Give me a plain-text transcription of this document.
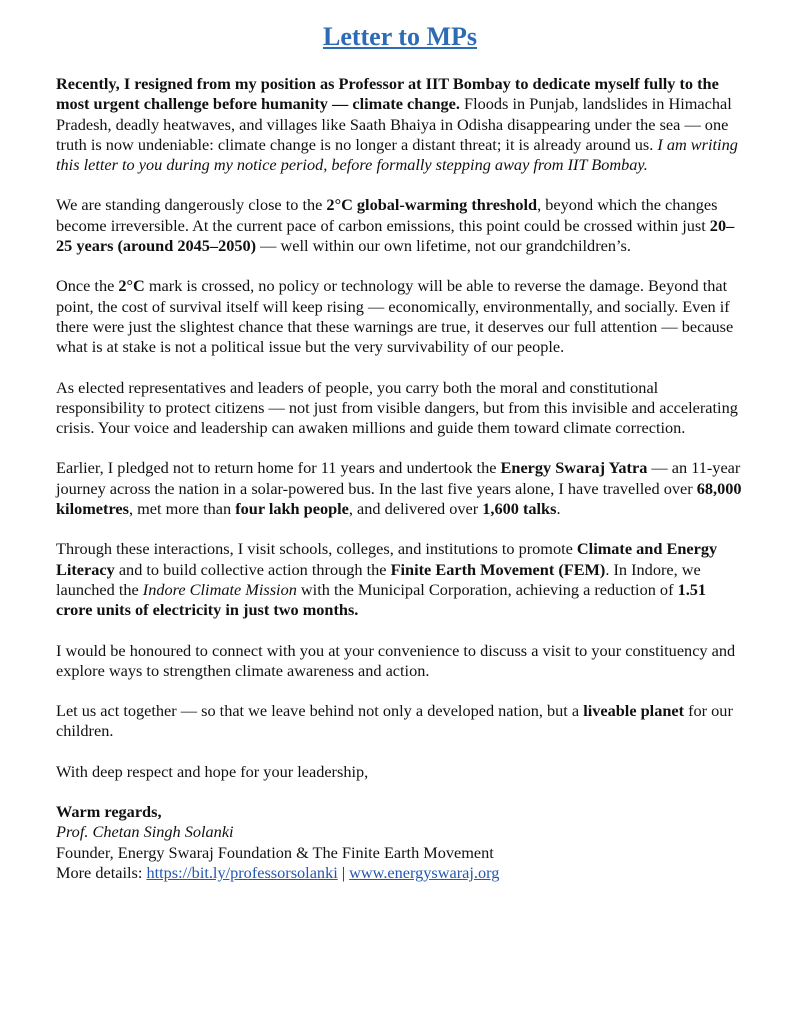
Letter to MPs

Recently, I resigned from my position as Professor at IIT Bombay to dedicate myself fully to the most urgent challenge before humanity — climate change. Floods in Punjab, landslides in Himachal Pradesh, deadly heatwaves, and villages like Saath Bhaiya in Odisha disappearing under the sea — one truth is now undeniable: climate change is no longer a distant threat; it is already around us. I am writing this letter to you during my notice period, before formally stepping away from IIT Bombay.

We are standing dangerously close to the 2°C global-warming threshold, beyond which the changes become irreversible. At the current pace of carbon emissions, this point could be crossed within just 20–25 years (around 2045–2050) — well within our own lifetime, not our grandchildren’s.

Once the 2°C mark is crossed, no policy or technology will be able to reverse the damage. Beyond that point, the cost of survival itself will keep rising — economically, environmentally, and socially. Even if there were just the slightest chance that these warnings are true, it deserves our full attention — because what is at stake is not a political issue but the very survivability of our people.

As elected representatives and leaders of people, you carry both the moral and constitutional responsibility to protect citizens — not just from visible dangers, but from this invisible and accelerating crisis. Your voice and leadership can awaken millions and guide them toward climate correction.

Earlier, I pledged not to return home for 11 years and undertook the Energy Swaraj Yatra — an 11-year journey across the nation in a solar-powered bus. In the last five years alone, I have travelled over 68,000 kilometres, met more than four lakh people, and delivered over 1,600 talks.

Through these interactions, I visit schools, colleges, and institutions to promote Climate and Energy Literacy and to build collective action through the Finite Earth Movement (FEM). In Indore, we launched the Indore Climate Mission with the Municipal Corporation, achieving a reduction of 1.51 crore units of electricity in just two months.

I would be honoured to connect with you at your convenience to discuss a visit to your constituency and explore ways to strengthen climate awareness and action.

Let us act together — so that we leave behind not only a developed nation, but a liveable planet for our children.

With deep respect and hope for your leadership,

Warm regards,
Prof. Chetan Singh Solanki
Founder, Energy Swaraj Foundation & The Finite Earth Movement
More details: https://bit.ly/professorsolanki | www.energyswaraj.org
